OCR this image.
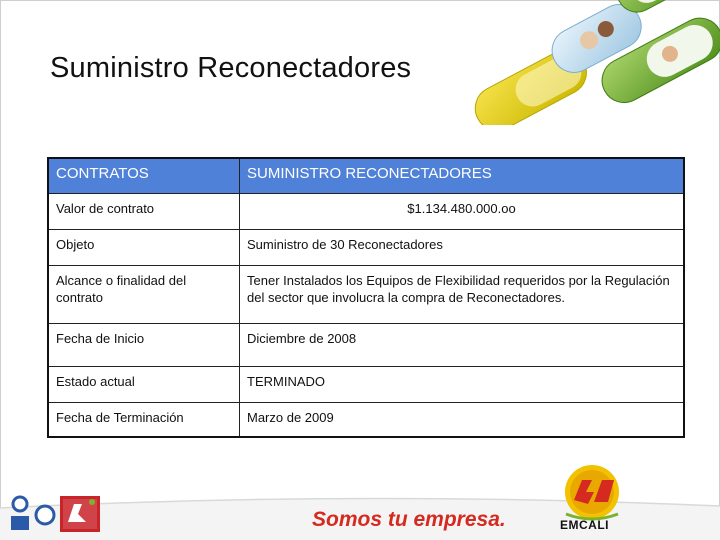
Suministro Reconectadores
CONTRATOS	SUMINISTRO RECONECTADORES

Valor de contrato	$1.134.480.000.oo

Objeto	Suministro de 30 Reconectadores

Alcance o finalidad del contrato	Tener Instalados los Equipos de Flexibilidad requeridos por la Regulación del sector que involucra la compra de Reconectadores.

Fecha de Inicio	Diciembre de 2008

Estado actual	TERMINADO

Fecha de Terminación	Marzo de 2009
Somos tu empresa.	EMCALI
